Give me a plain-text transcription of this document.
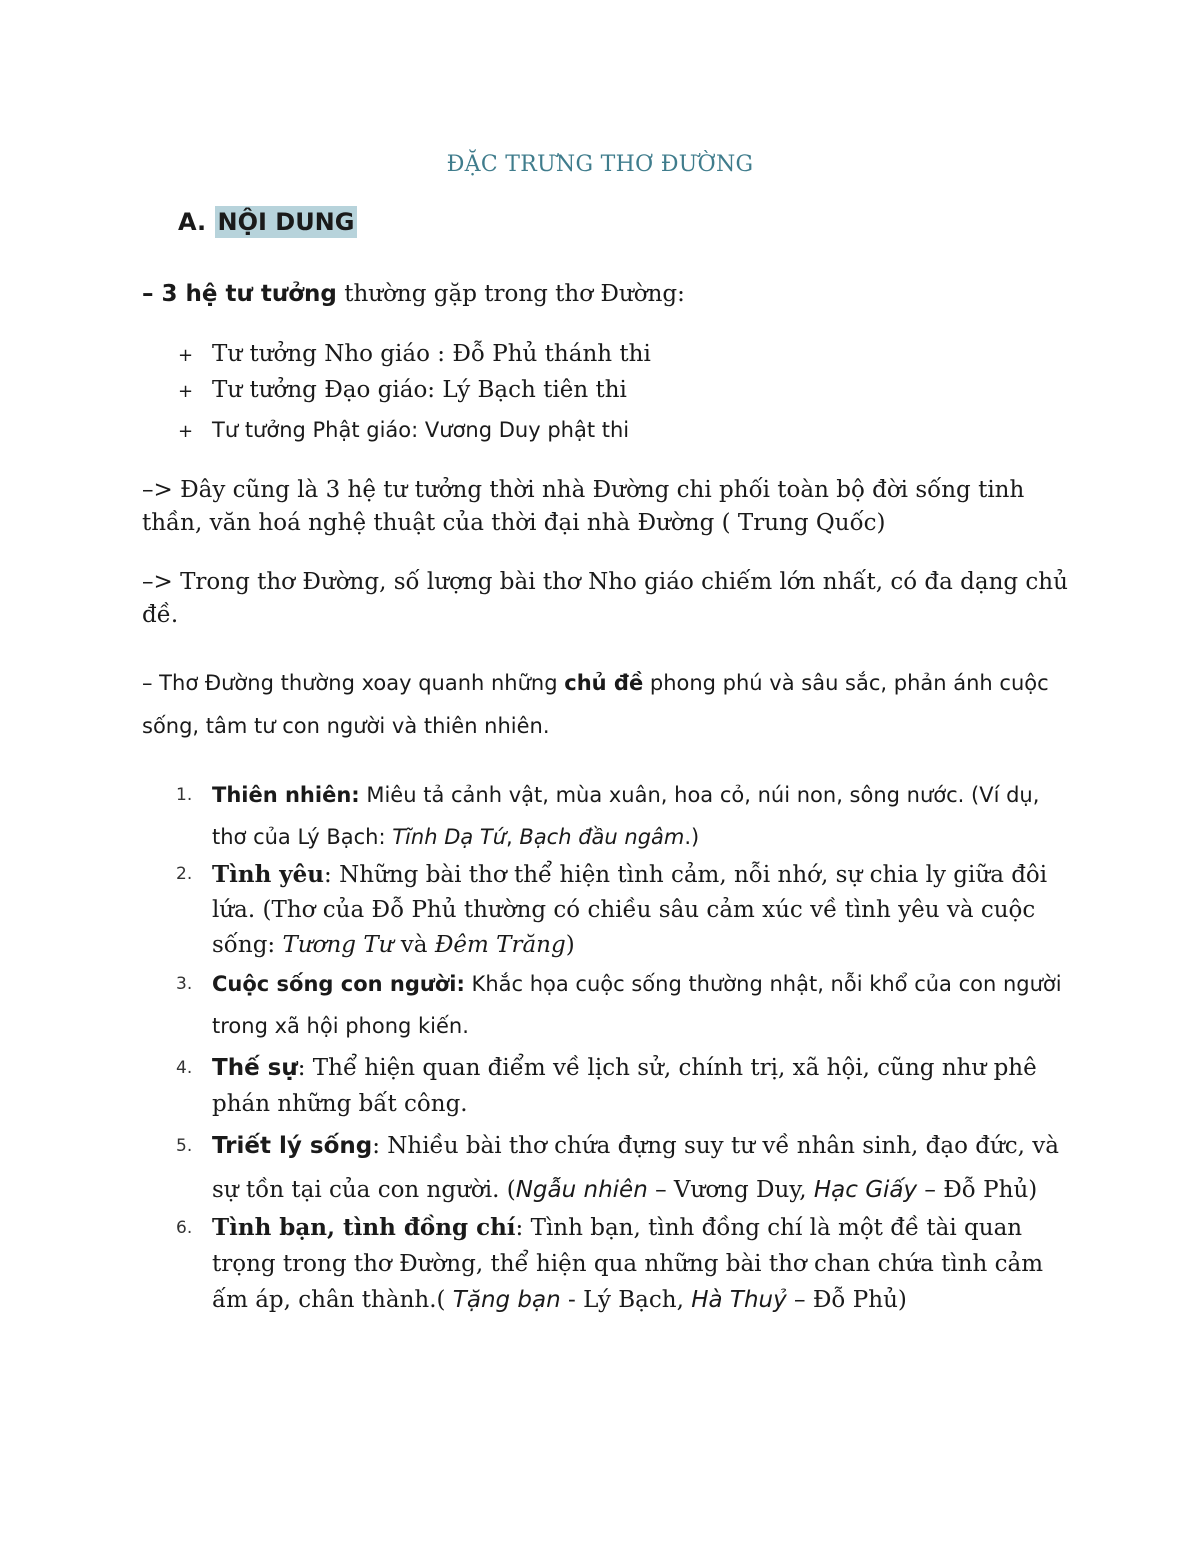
ĐẶC TRƯNG THƠ ĐƯỜNG
A. NỘI DUNG
– 3 hệ tư tưởng thường gặp trong thơ Đường:
+ Tư tưởng Nho giáo : Đỗ Phủ thánh thi
+ Tư tưởng Đạo giáo: Lý Bạch tiên thi
+ Tư tưởng Phật giáo: Vương Duy phật thi
–> Đây cũng là 3 hệ tư tưởng thời nhà Đường chi phối toàn bộ đời sống tinh thần, văn hoá nghệ thuật của thời đại nhà Đường ( Trung Quốc)
–> Trong thơ Đường, số lượng bài thơ Nho giáo chiếm lớn nhất, có đa dạng chủ đề.
– Thơ Đường thường xoay quanh những chủ đề phong phú và sâu sắc, phản ánh cuộc sống, tâm tư con người và thiên nhiên.
1. Thiên nhiên: Miêu tả cảnh vật, mùa xuân, hoa cỏ, núi non, sông nước. (Ví dụ, thơ của Lý Bạch: Tĩnh Dạ Tứ, Bạch đầu ngâm.)
2. Tình yêu: Những bài thơ thể hiện tình cảm, nỗi nhớ, sự chia ly giữa đôi lứa. (Thơ của Đỗ Phủ thường có chiều sâu cảm xúc về tình yêu và cuộc sống: Tương Tư và Đêm Trăng)
3. Cuộc sống con người: Khắc họa cuộc sống thường nhật, nỗi khổ của con người trong xã hội phong kiến.
4. Thế sự: Thể hiện quan điểm về lịch sử, chính trị, xã hội, cũng như phê phán những bất công.
5. Triết lý sống: Nhiều bài thơ chứa đựng suy tư về nhân sinh, đạo đức, và sự tồn tại của con người. (Ngẫu nhiên – Vương Duy, Hạc Giấy – Đỗ Phủ)
6. Tình bạn, tình đồng chí: Tình bạn, tình đồng chí là một đề tài quan trọng trong thơ Đường, thể hiện qua những bài thơ chan chứa tình cảm ấm áp, chân thành.( Tặng bạn - Lý Bạch, Hà Thuỷ – Đỗ Phủ)
